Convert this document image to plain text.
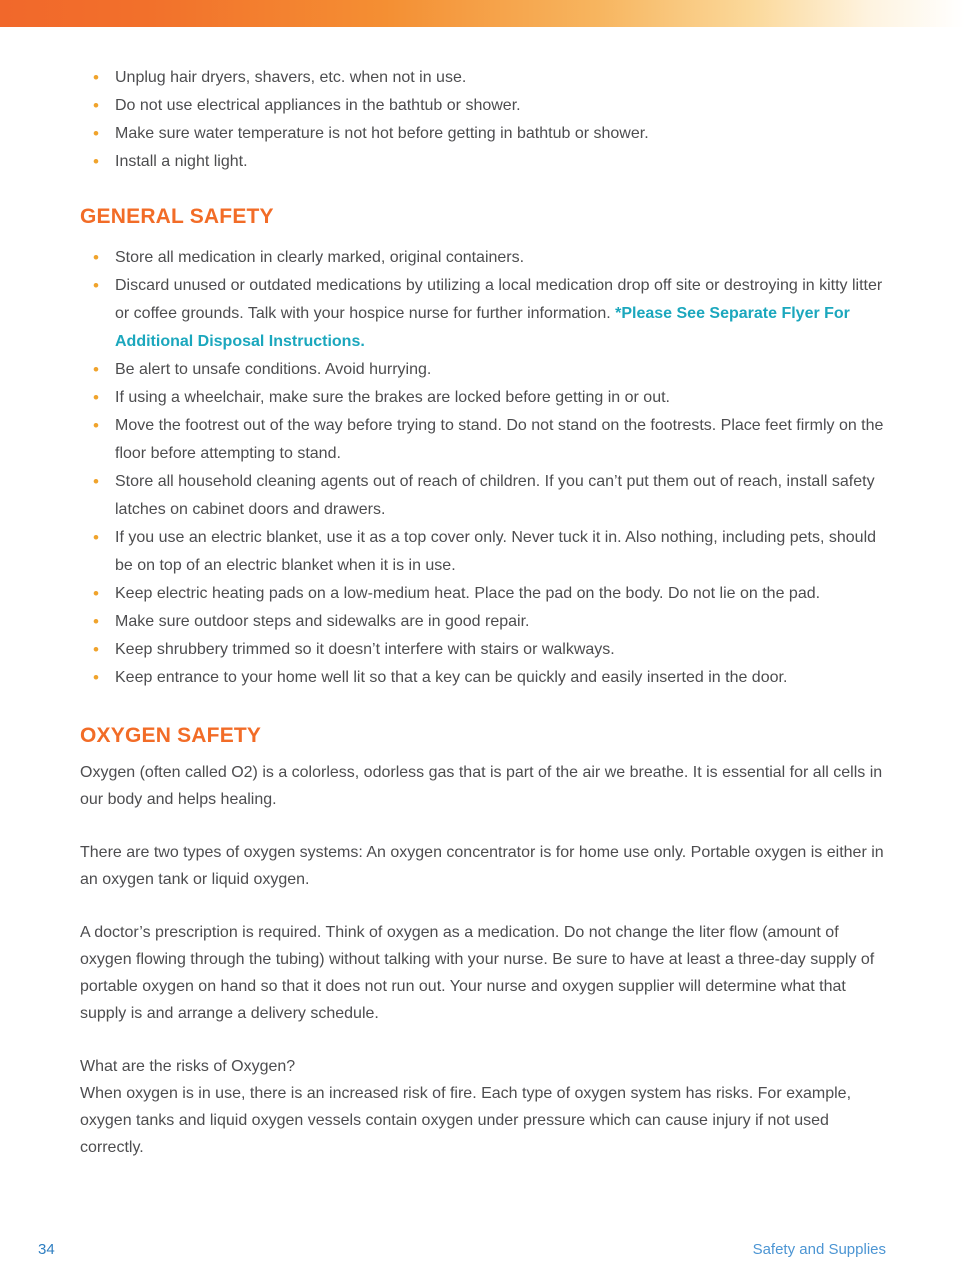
• Unplug hair dryers, shavers, etc. when not in use.
• Do not use electrical appliances in the bathtub or shower.
• Make sure water temperature is not hot before getting in bathtub or shower.
• Install a night light.
GENERAL SAFETY
• Store all medication in clearly marked, original containers.
• Discard unused or outdated medications by utilizing a local medication drop off site or destroying in kitty litter or coffee grounds. Talk with your hospice nurse for further information. *Please See Separate Flyer For Additional Disposal Instructions.
• Be alert to unsafe conditions. Avoid hurrying.
• If using a wheelchair, make sure the brakes are locked before getting in or out.
• Move the footrest out of the way before trying to stand. Do not stand on the footrests. Place feet firmly on the floor before attempting to stand.
• Store all household cleaning agents out of reach of children. If you can’t put them out of reach, install safety latches on cabinet doors and drawers.
• If you use an electric blanket, use it as a top cover only. Never tuck it in. Also nothing, including pets, should be on top of an electric blanket when it is in use.
• Keep electric heating pads on a low-medium heat. Place the pad on the body. Do not lie on the pad.
• Make sure outdoor steps and sidewalks are in good repair.
• Keep shrubbery trimmed so it doesn’t interfere with stairs or walkways.
• Keep entrance to your home well lit so that a key can be quickly and easily inserted in the door.
OXYGEN SAFETY

Oxygen (often called O2) is a colorless, odorless gas that is part of the air we breathe. It is essential for all cells in our body and helps healing.

There are two types of oxygen systems: An oxygen concentrator is for home use only. Portable oxygen is either in an oxygen tank or liquid oxygen.

A doctor’s prescription is required. Think of oxygen as a medication. Do not change the liter flow (amount of oxygen flowing through the tubing) without talking with your nurse. Be sure to have at least a three-day supply of portable oxygen on hand so that it does not run out. Your nurse and oxygen supplier will determine what that supply is and arrange a delivery schedule.

What are the risks of Oxygen?
When oxygen is in use, there is an increased risk of fire. Each type of oxygen system has risks. For example, oxygen tanks and liquid oxygen vessels contain oxygen under pressure which can cause injury if not used correctly.

34	Safety and Supplies
